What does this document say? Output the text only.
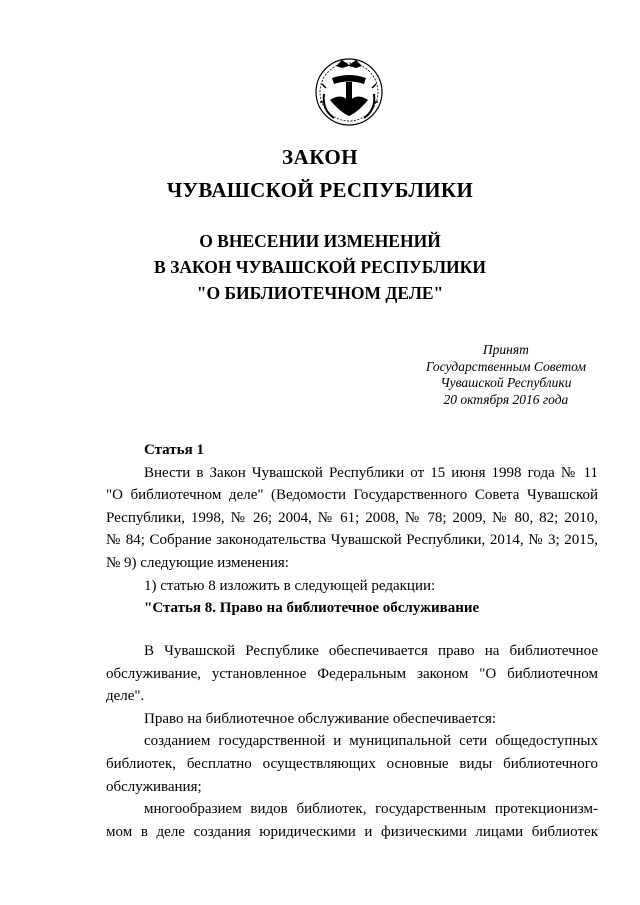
ЗАКОН
ЧУВАШСКОЙ РЕСПУБЛИКИ
О ВНЕСЕНИИ ИЗМЕНЕНИЙ
В ЗАКОН ЧУВАШСКОЙ РЕСПУБЛИКИ
"О БИБЛИОТЕЧНОМ ДЕЛЕ"
Принят
Государственным Советом
Чувашской Республики
20 октября 2016 года
Статья 1
Внести в Закон Чувашской Республики от 15 июня 1998 года № 11
"О библиотечном деле" (Ведомости Государственного Совета Чувашской
Республики, 1998, № 26; 2004, № 61; 2008, № 78; 2009, № 80, 82; 2010,
№ 84; Собрание законодательства Чувашской Республики, 2014, № 3; 2015,
№ 9) следующие изменения:
1) статью 8 изложить в следующей редакции:
"Статья 8. Право на библиотечное обслуживание
В Чувашской Республике обеспечивается право на библиотечное
обслуживание, установленное Федеральным законом "О библиотечном
деле".
Право на библиотечное обслуживание обеспечивается:
созданием государственной и муниципальной сети общедоступных
библиотек, бесплатно осуществляющих основные виды библиотечного
обслуживания;
многообразием видов библиотек, государственным протекционизм-
мом в деле создания юридическими и физическими лицами библиотек
